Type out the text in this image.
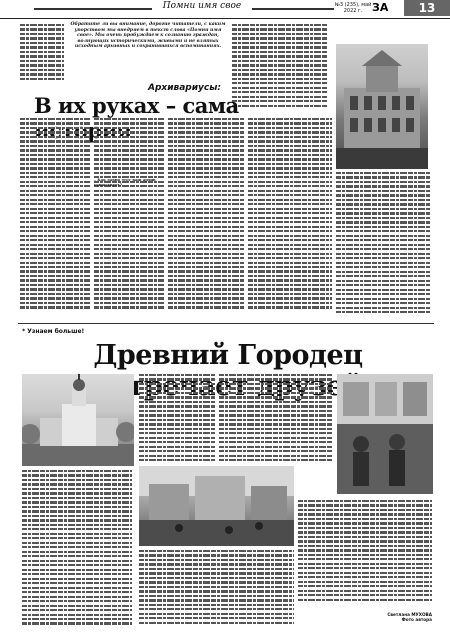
Помни имя свое	№3 (235), май 2022 г. ЗА	13
Обратите ли вы внимание, дорогие читатели, с каким упорством мы внедряем в текст слова «Помни имя свое». Мы очень пробуждаем к сознанию граждан, волнующих историческими, живыми и не взятых исходным архивных и сохранившихся вспоминаниях.
Архивариусы:
В их руках – сама
– Как давно этот ваш архив существует?
* Узнаем больше!
Древний Городец
Светлана МУХОВА
Фото автора
